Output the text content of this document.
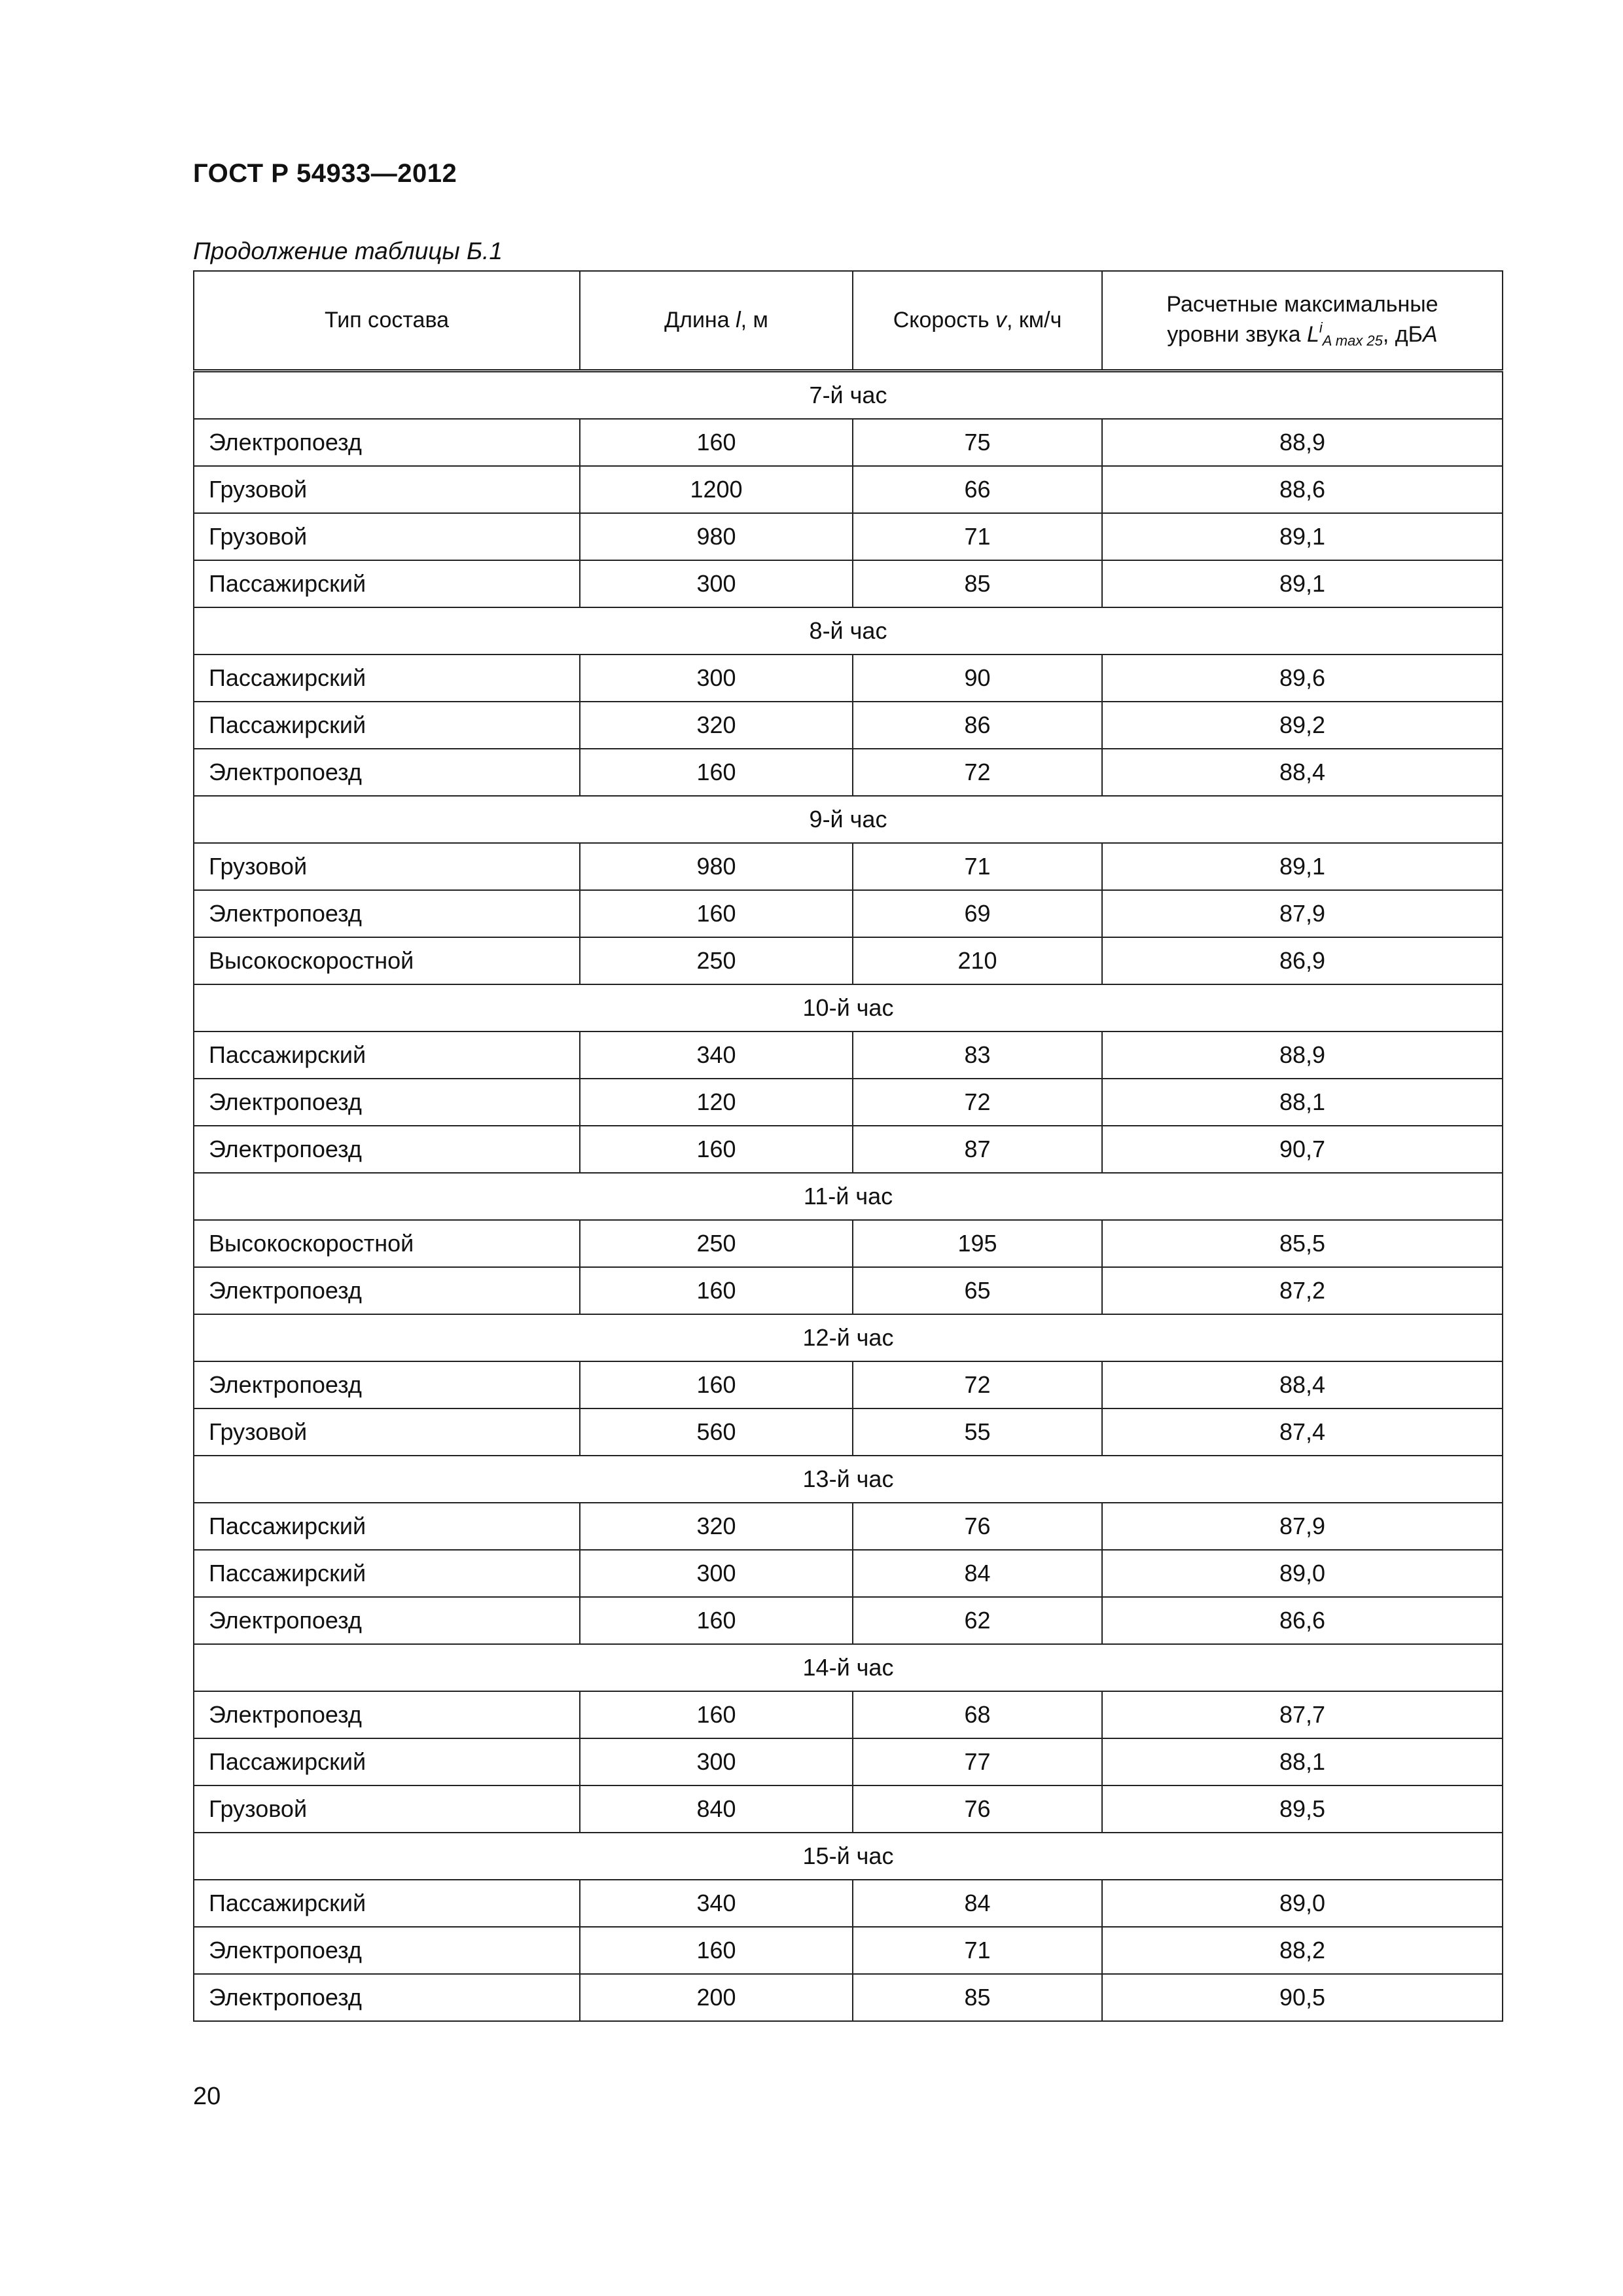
ГОСТ Р 54933—2012
Продолжение таблицы Б.1
Тип состава	Длина l, м	Скорость v, км/ч	Расчетные максимальные
уровни звука $L^i_{A max 25}$, дБA
7-й час			
Электропоезд	160	75	88,9
Грузовой	1200	66	88,6
Грузовой	980	71	89,1
Пассажирский	300	85	89,1
8-й час			
Пассажирский	300	90	89,6
Пассажирский	320	86	89,2
Электропоезд	160	72	88,4
9-й час			
Грузовой	980	71	89,1
Электропоезд	160	69	87,9
Высокоскоростной	250	210	86,9
10-й час			
Пассажирский	340	83	88,9
Электропоезд	120	72	88,1
Электропоезд	160	87	90,7
11-й час			
Высокоскоростной	250	195	85,5
Электропоезд	160	65	87,2
12-й час			
Электропоезд	160	72	88,4
Грузовой	560	55	87,4
13-й час			
Пассажирский	320	76	87,9
Пассажирский	300	84	89,0
Электропоезд	160	62	86,6
14-й час			
Электропоезд	160	68	87,7
Пассажирский	300	77	88,1
Грузовой	840	76	89,5
15-й час			
Пассажирский	340	84	89,0
Электропоезд	160	71	88,2
Электропоезд	200	85	90,5
20
